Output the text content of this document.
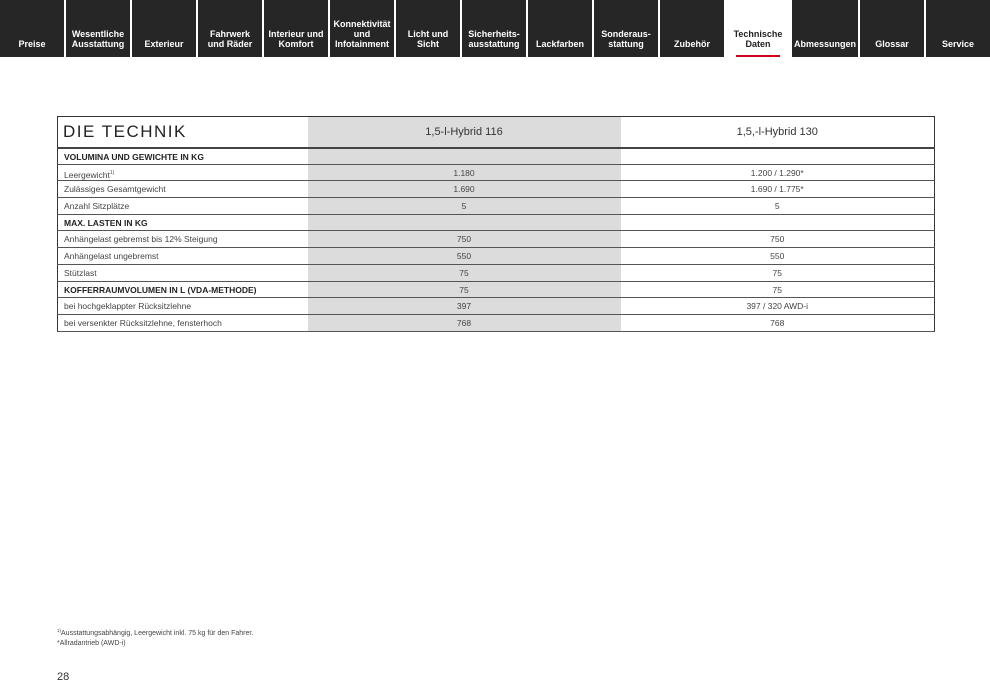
Preise
Wesentliche
Ausstattung	Exterieur
Fahrwerk
und Räder
Interieur und
Komfort
Konnektivität
und
Infotainment
Licht und Sicht
Sicherheits-
ausstattung	Lackfarben
Sonderaus-
stattung	Zubehör
Technische
Daten	Abmessungen	Glossar	Service
DIE TECHNIK	1,5-l-Hybrid 116	1,5,-l-Hybrid 130
VOLUMINA UND GEWICHTE IN KG		
Leergewicht$^{1)}$	1.180	1.200 / 1.290*
Zulässiges Gesamtgewicht	1.690	1.690 / 1.775*
Anzahl Sitzplätze	5	5
MAX. LASTEN IN KG		
Anhängelast gebremst bis 12% Steigung	750	750
Anhängelast ungebremst	550	550
Stützlast	75	75
KOFFERRAUMVOLUMEN IN L (VDA-METHODE)	75	75
bei hochgeklappter Rücksitzlehne	397	397 / 320 AWD-i
bei versenkter Rücksitzlehne, fensterhoch	768	768
$^{1)}$Ausstattungsabhängig, Leergewicht inkl. 75 kg für den Fahrer.
*Allradantrieb (AWD-i)
28
